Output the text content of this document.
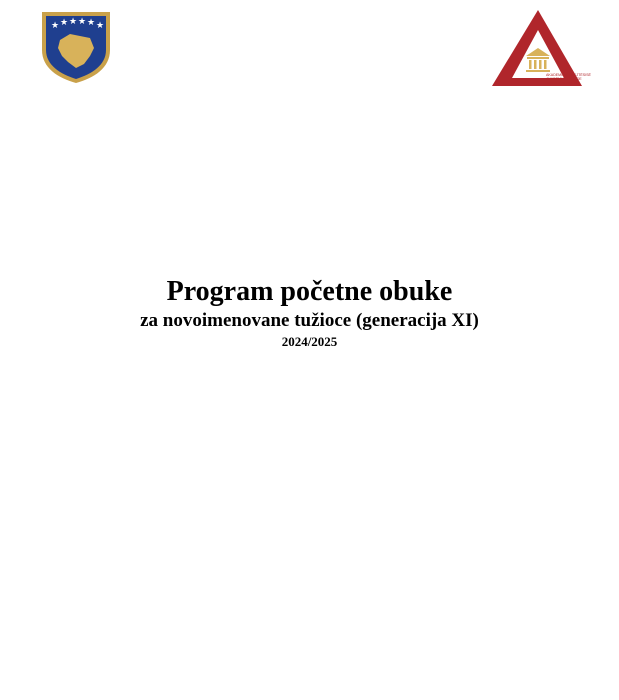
★ ★ ★ ★ ★ ★
AKADEMIA E DREJTËSISË
AKADEMIJA PRAVDE
JUSTICE ACADEMY
Program početne obuke
za novoimenovane tužioce (generacija XI)
2024/2025
